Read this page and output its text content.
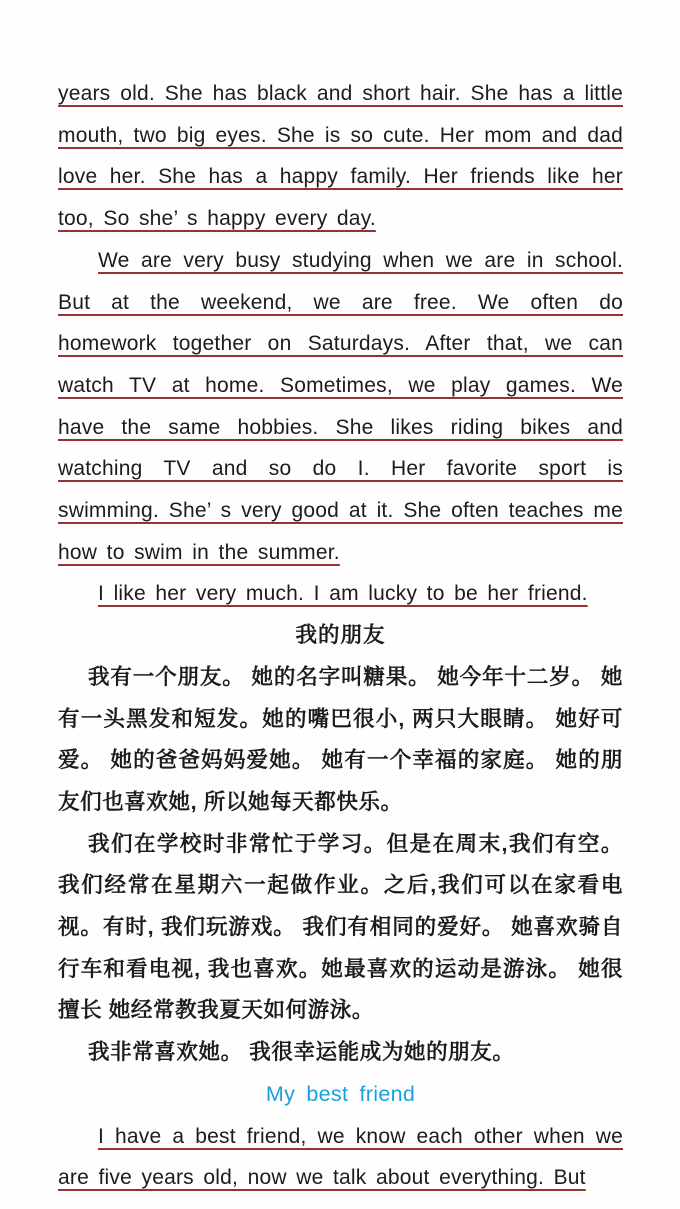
years old. She has black and short hair. She has a little mouth, two big eyes. She is so cute. Her mom and dad love her. She has a happy family. Her friends like her too, So she’ s happy every day.

We are very busy studying when we are in school. But at the weekend, we are free. We often do homework together on Saturdays. After that, we can watch TV at home. Sometimes, we play games. We have the same hobbies. She likes riding bikes and watching TV and so do I. Her favorite sport is swimming. She’ s very good at it. She often teaches me how to swim in the summer.

I like her very much. I am lucky to be her friend.

我的朋友

我有一个朋友。 她的名字叫糖果。 她今年十二岁。 她有一头黑发和短发。她的嘴巴很小, 两只大眼睛。 她好可爱。 她的爸爸妈妈爱她。 她有一个幸福的家庭。 她的朋友们也喜欢她, 所以她每天都快乐。

我们在学校时非常忙于学习。但是在周末,我们有空。我们经常在星期六一起做作业。之后,我们可以在家看电视。有时, 我们玩游戏。 我们有相同的爱好。 她喜欢骑自行车和看电视, 我也喜欢。她最喜欢的运动是游泳。 她很擅长 她经常教我夏天如何游泳。

我非常喜欢她。 我很幸运能成为她的朋友。

My best friend

I have a best friend, we know each other when we are five years old, now we talk about everything. But
